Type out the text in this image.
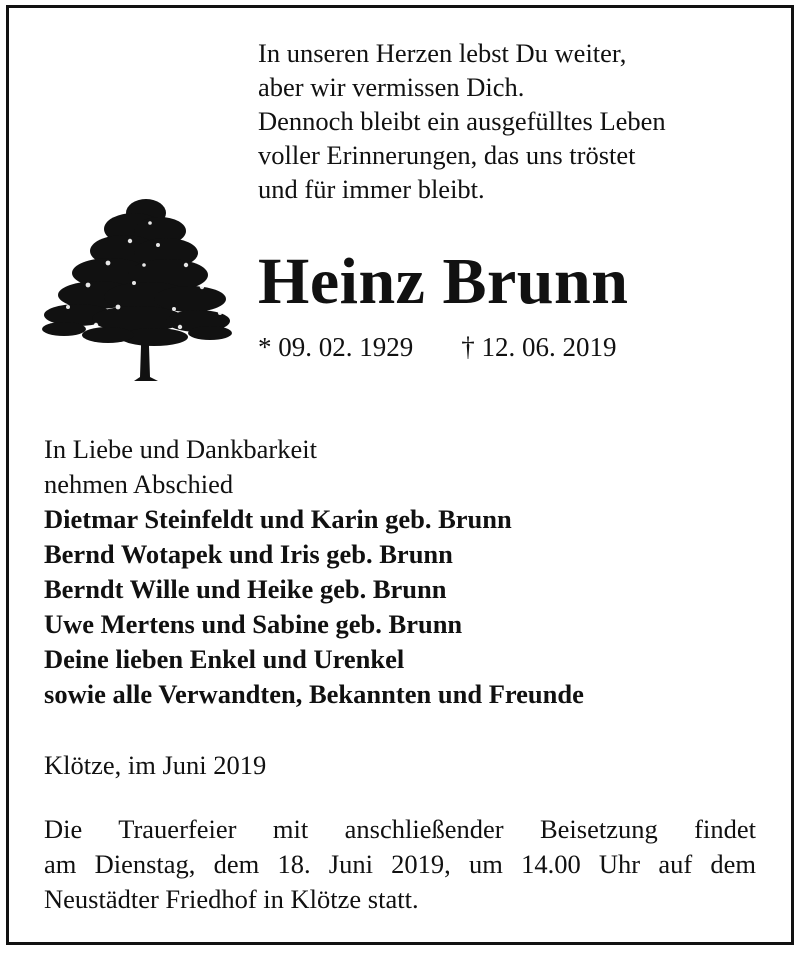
In unseren Herzen lebst Du weiter,
aber wir vermissen Dich.
Dennoch bleibt ein ausgefülltes Leben
voller Erinnerungen, das uns tröstet
und für immer bleibt.
Heinz Brunn
* 09. 02. 1929 † 12. 06. 2019
In Liebe und Dankbarkeit
nehmen Abschied
Dietmar Steinfeldt und Karin geb. Brunn
Bernd Wotapek und Iris geb. Brunn
Berndt Wille und Heike geb. Brunn
Uwe Mertens und Sabine geb. Brunn
Deine lieben Enkel und Urenkel
sowie alle Verwandten, Bekannten und Freunde
Klötze, im Juni 2019
Die Trauerfeier mit anschließender Beisetzung findet
am Dienstag, dem 18. Juni 2019, um 14.00 Uhr auf dem
Neustädter Friedhof in Klötze statt.
